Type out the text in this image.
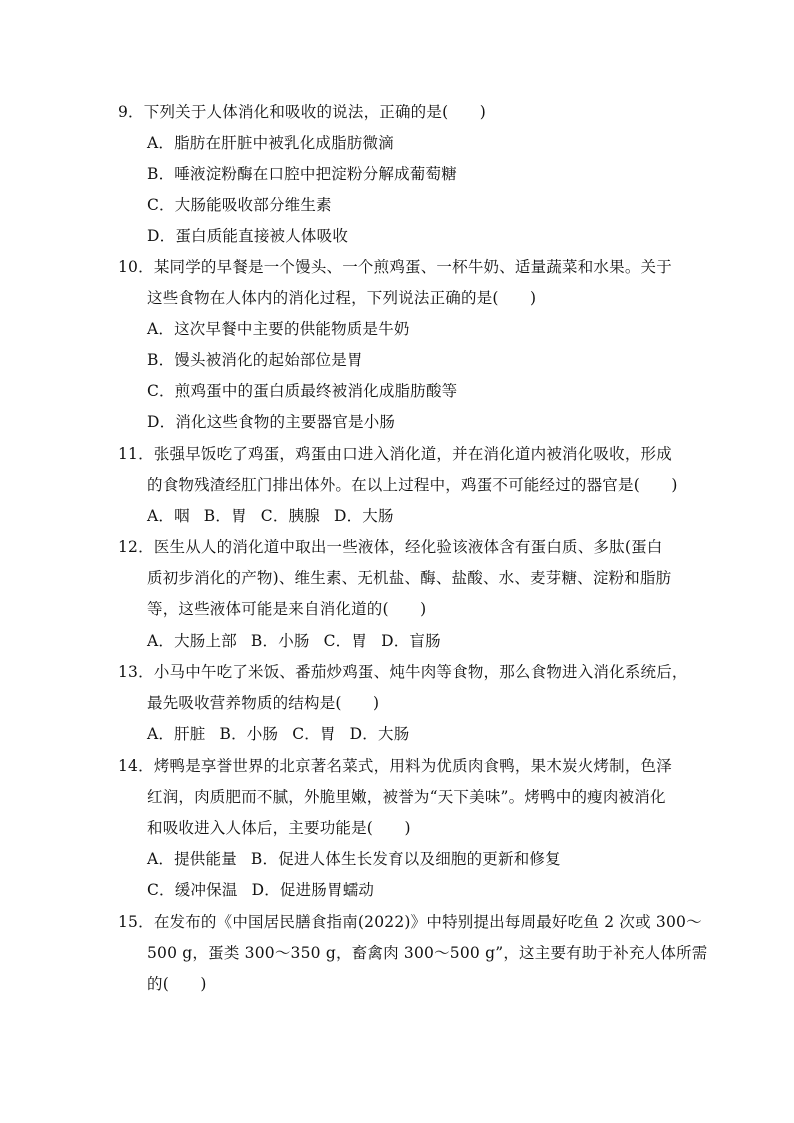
9．下列关于人体消化和吸收的说法，正确的是(　　)
A．脂肪在肝脏中被乳化成脂肪微滴
B．唾液淀粉酶在口腔中把淀粉分解成葡萄糖
C．大肠能吸收部分维生素
D．蛋白质能直接被人体吸收
10．某同学的早餐是一个馒头、一个煎鸡蛋、一杯牛奶、适量蔬菜和水果。关于
这些食物在人体内的消化过程，下列说法正确的是(　　)
A．这次早餐中主要的供能物质是牛奶
B．馒头被消化的起始部位是胃
C．煎鸡蛋中的蛋白质最终被消化成脂肪酸等
D．消化这些食物的主要器官是小肠
11．张强早饭吃了鸡蛋，鸡蛋由口进入消化道，并在消化道内被消化吸收，形成
的食物残渣经肛门排出体外。在以上过程中，鸡蛋不可能经过的器官是(　　)
A．咽 B．胃 C．胰腺 D．大肠
12．医生从人的消化道中取出一些液体，经化验该液体含有蛋白质、多肽(蛋白
质初步消化的产物)、维生素、无机盐、酶、盐酸、水、麦芽糖、淀粉和脂肪
等，这些液体可能是来自消化道的(　　)
A．大肠上部 B．小肠 C．胃 D．盲肠
13．小马中午吃了米饭、番茄炒鸡蛋、炖牛肉等食物，那么食物进入消化系统后，
最先吸收营养物质的结构是(　　)
A．肝脏 B．小肠 C．胃 D．大肠
14．烤鸭是享誉世界的北京著名菜式，用料为优质肉食鸭，果木炭火烤制，色泽
红润，肉质肥而不腻，外脆里嫩，被誉为“天下美味”。烤鸭中的瘦肉被消化
和吸收进入人体后，主要功能是(　　)
A．提供能量 B．促进人体生长发育以及细胞的更新和修复
C．缓冲保温 D．促进肠胃蠕动
15．在发布的《中国居民膳食指南(2022)》中特别提出每周最好吃鱼 2 次或 300～
500 g，蛋类 300～350 g，畜禽肉 300～500 g”，这主要有助于补充人体所需
的(　　)
